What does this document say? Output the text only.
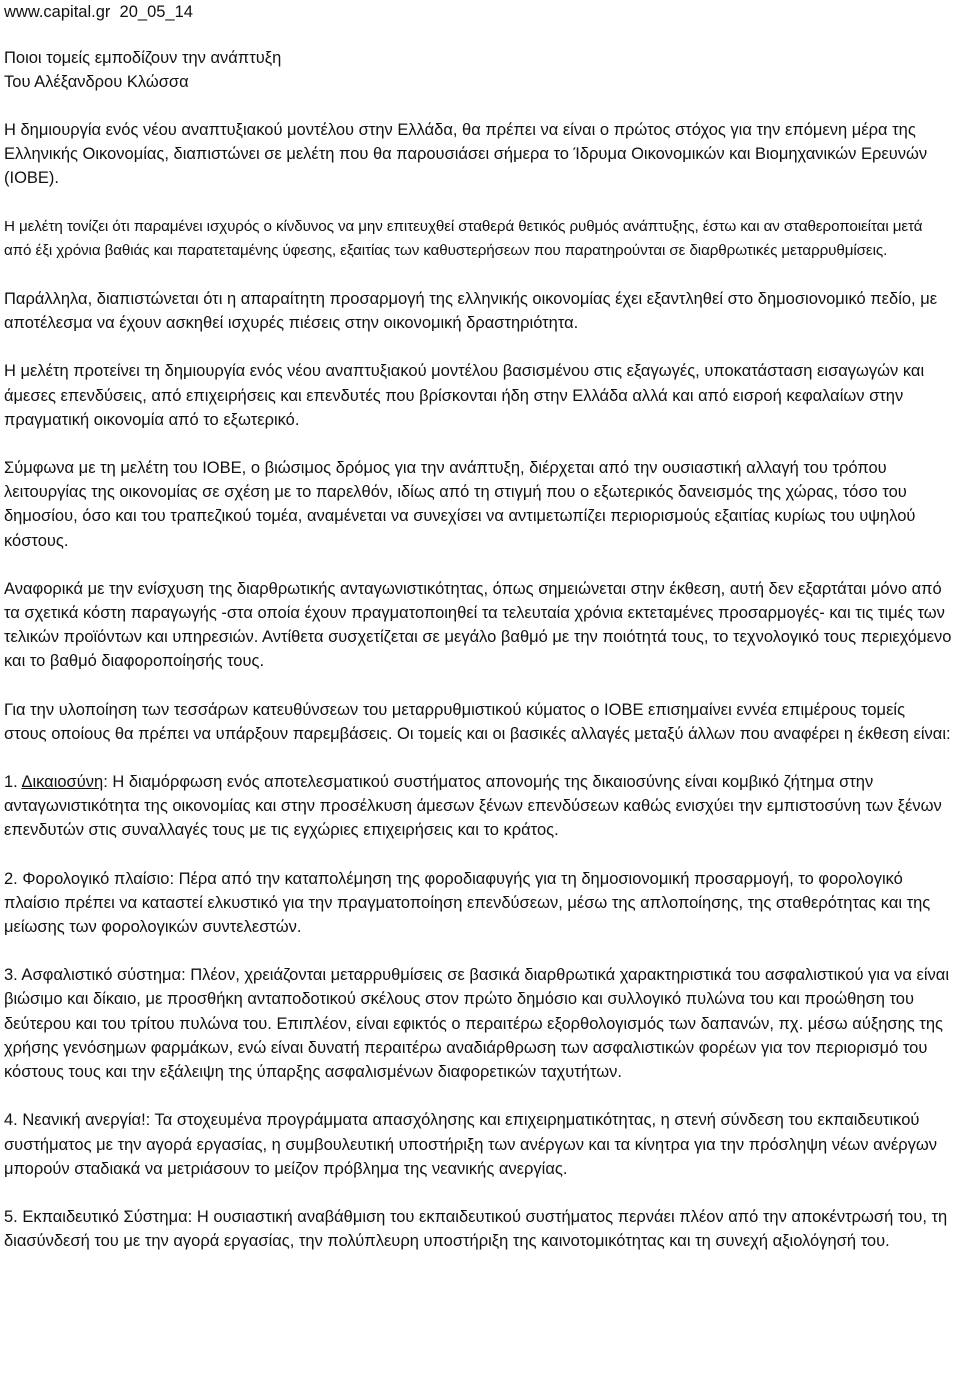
www.capital.gr 20_05_14
Ποιοι τομείς εμποδίζουν την ανάπτυξη
Του Αλέξανδρου Κλώσσα

Η δημιουργία ενός νέου αναπτυξιακού μοντέλου στην Ελλάδα, θα πρέπει να είναι ο πρώτος στόχος για την επόμενη μέρα της Ελληνικής Οικονομίας, διαπιστώνει σε μελέτη που θα παρουσιάσει σήμερα το Ίδρυμα Οικονομικών και Βιομηχανικών Ερευνών (ΙΟΒΕ).

Η μελέτη τονίζει ότι παραμένει ισχυρός ο κίνδυνος να μην επιτευχθεί σταθερά θετικός ρυθμός ανάπτυξης, έστω και αν σταθεροποιείται μετά από έξι χρόνια βαθιάς και παρατεταμένης ύφεσης, εξαιτίας των καθυστερήσεων που παρατηρούνται σε διαρθρωτικές μεταρρυθμίσεις.

Παράλληλα, διαπιστώνεται ότι η απαραίτητη προσαρμογή της ελληνικής οικονομίας έχει εξαντληθεί στο δημοσιονομικό πεδίο, με αποτέλεσμα να έχουν ασκηθεί ισχυρές πιέσεις στην οικονομική δραστηριότητα.

Η μελέτη προτείνει τη δημιουργία ενός νέου αναπτυξιακού μοντέλου βασισμένου στις εξαγωγές, υποκατάσταση εισαγωγών και άμεσες επενδύσεις, από επιχειρήσεις και επενδυτές που βρίσκονται ήδη στην Ελλάδα αλλά και από εισροή κεφαλαίων στην πραγματική οικονομία από το εξωτερικό.

Σύμφωνα με τη μελέτη του ΙΟΒΕ, ο βιώσιμος δρόμος για την ανάπτυξη, διέρχεται από την ουσιαστική αλλαγή του τρόπου λειτουργίας της οικονομίας σε σχέση με το παρελθόν, ιδίως από τη στιγμή που ο εξωτερικός δανεισμός της χώρας, τόσο του δημοσίου, όσο και του τραπεζικού τομέα, αναμένεται να συνεχίσει να αντιμετωπίζει περιορισμούς εξαιτίας κυρίως του υψηλού κόστους.

Αναφορικά με την ενίσχυση της διαρθρωτικής ανταγωνιστικότητας, όπως σημειώνεται στην έκθεση, αυτή δεν εξαρτάται μόνο από τα σχετικά κόστη παραγωγής -στα οποία έχουν πραγματοποιηθεί τα τελευταία χρόνια εκτεταμένες προσαρμογές- και τις τιμές των τελικών προϊόντων και υπηρεσιών. Αντίθετα συσχετίζεται σε μεγάλο βαθμό με την ποιότητά τους, το τεχνολογικό τους περιεχόμενο και το βαθμό διαφοροποίησής τους.

Για την υλοποίηση των τεσσάρων κατευθύνσεων του μεταρρυθμιστικού κύματος ο ΙΟΒΕ επισημαίνει εννέα επιμέρους τομείς στους οποίους θα πρέπει να υπάρξουν παρεμβάσεις. Οι τομείς και οι βασικές αλλαγές μεταξύ άλλων που αναφέρει η έκθεση είναι:

1. Δικαιοσύνη: Η διαμόρφωση ενός αποτελεσματικού συστήματος απονομής της δικαιοσύνης είναι κομβικό ζήτημα στην ανταγωνιστικότητα της οικονομίας και στην προσέλκυση άμεσων ξένων επενδύσεων καθώς ενισχύει την εμπιστοσύνη των ξένων επενδυτών στις συναλλαγές τους με τις εγχώριες επιχειρήσεις και το κράτος.

2. Φορολογικό πλαίσιο: Πέρα από την καταπολέμηση της φοροδιαφυγής για τη δημοσιονομική προσαρμογή, το φορολογικό πλαίσιο πρέπει να καταστεί ελκυστικό για την πραγματοποίηση επενδύσεων, μέσω της απλοποίησης, της σταθερότητας και της μείωσης των φορολογικών συντελεστών.

3. Ασφαλιστικό σύστημα: Πλέον, χρειάζονται μεταρρυθμίσεις σε βασικά διαρθρωτικά χαρακτηριστικά του ασφαλιστικού για να είναι βιώσιμο και δίκαιο, με προσθήκη ανταποδοτικού σκέλους στον πρώτο δημόσιο και συλλογικό πυλώνα του και προώθηση του δεύτερου και του τρίτου πυλώνα του. Επιπλέον, είναι εφικτός ο περαιτέρω εξορθολογισμός των δαπανών, πχ. μέσω αύξησης της χρήσης γενόσημων φαρμάκων, ενώ είναι δυνατή περαιτέρω αναδιάρθρωση των ασφαλιστικών φορέων για τον περιορισμό του κόστους τους και την εξάλειψη της ύπαρξης ασφαλισμένων διαφορετικών ταχυτήτων.

4. Νεανική ανεργία!: Τα στοχευμένα προγράμματα απασχόλησης και επιχειρηματικότητας, η στενή σύνδεση του εκπαιδευτικού συστήματος με την αγορά εργασίας, η συμβουλευτική υποστήριξη των ανέργων και τα κίνητρα για την πρόσληψη νέων ανέργων μπορούν σταδιακά να μετριάσουν το μείζον πρόβλημα της νεανικής ανεργίας.

5. Εκπαιδευτικό Σύστημα: Η ουσιαστική αναβάθμιση του εκπαιδευτικού συστήματος περνάει πλέον από την αποκέντρωσή του, τη διασύνδεσή του με την αγορά εργασίας, την πολύπλευρη υποστήριξη της καινοτομικότητας και τη συνεχή αξιολόγησή του.
